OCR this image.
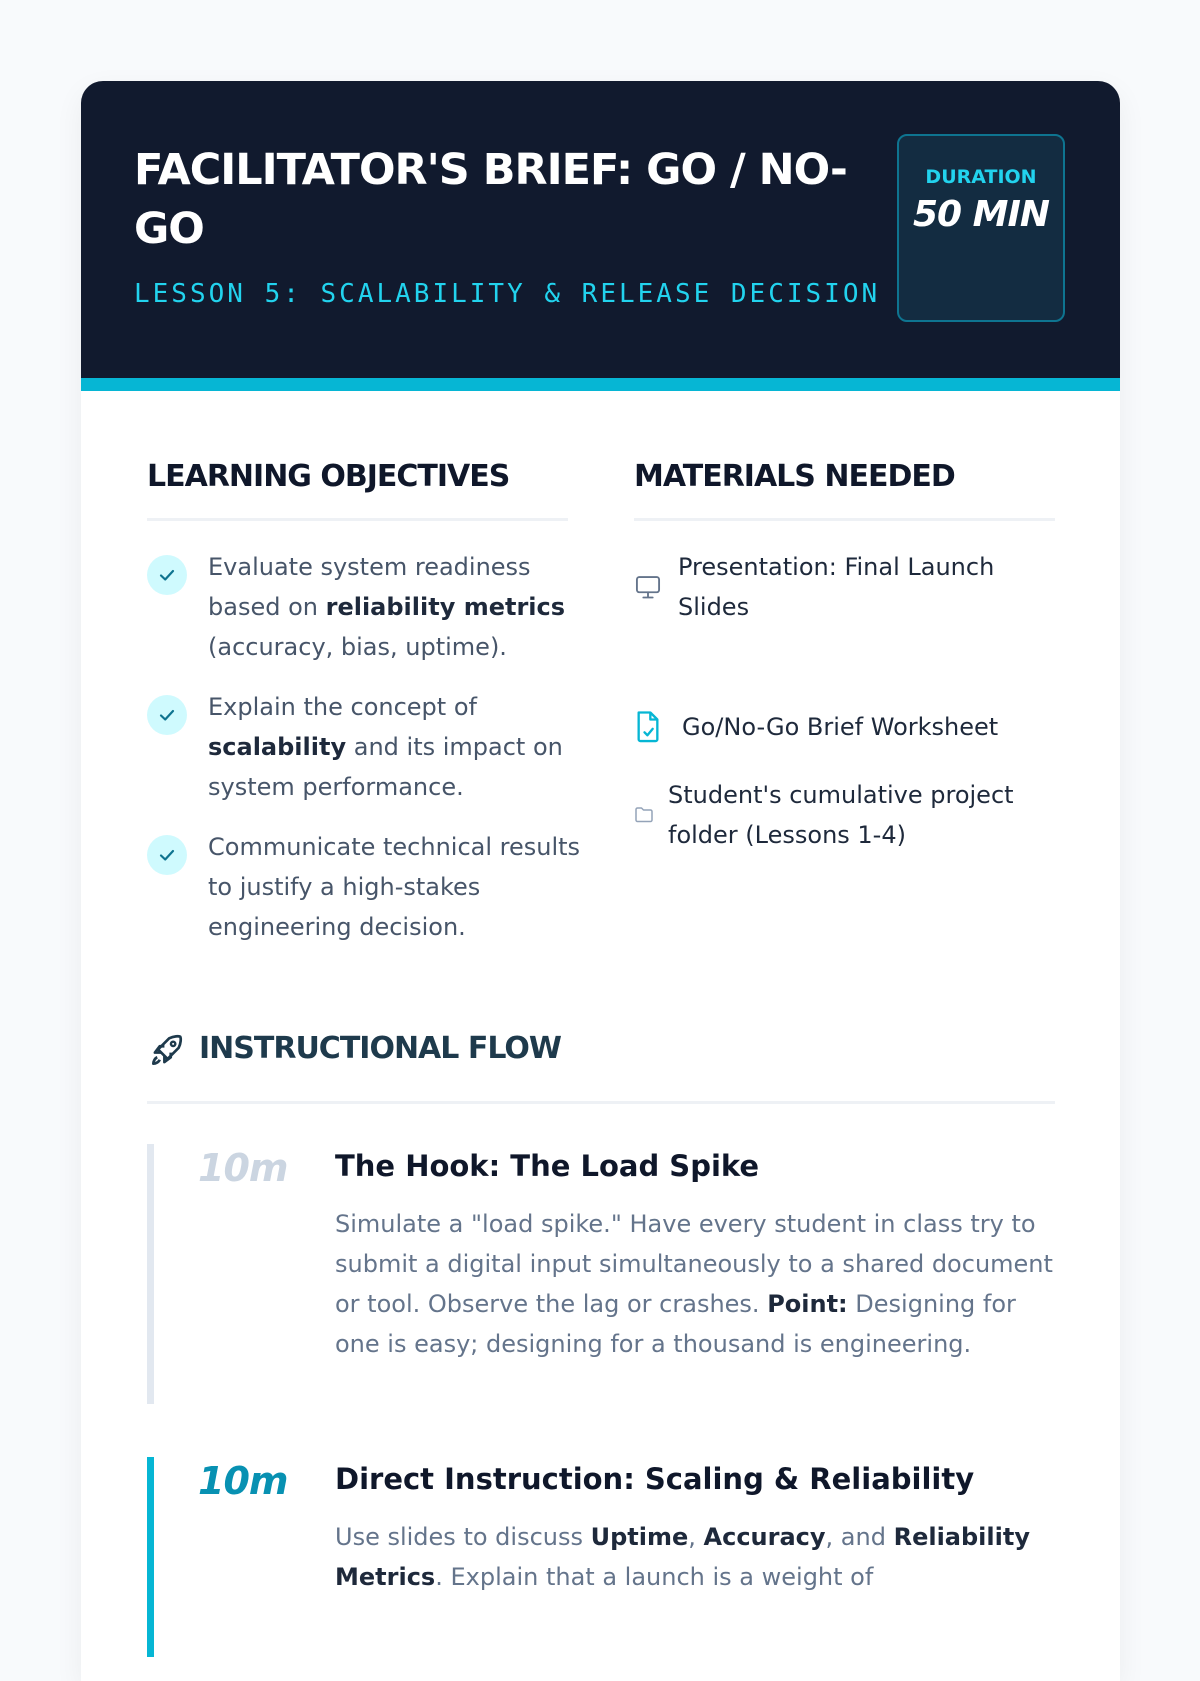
FACILITATOR'S BRIEF: GO / NO-GO
LESSON 5: SCALABILITY & RELEASE DECISION
DURATION
50 MIN
LEARNING OBJECTIVES
Evaluate system readiness based on reliability metrics (accuracy, bias, uptime).
Explain the concept of scalability and its impact on system performance.
Communicate technical results to justify a high-stakes engineering decision.
MATERIALS NEEDED
Presentation: Final Launch Slides
Go/No-Go Brief Worksheet
Student's cumulative project folder (Lessons 1-4)
INSTRUCTIONAL FLOW
10m The Hook: The Load Spike
Simulate a "load spike." Have every student in class try to submit a digital input simultaneously to a shared document or tool. Observe the lag or crashes. Point: Designing for one is easy; designing for a thousand is engineering.
10m Direct Instruction: Scaling & Reliability
Use slides to discuss Uptime, Accuracy, and Reliability Metrics. Explain that a launch is a weight of
